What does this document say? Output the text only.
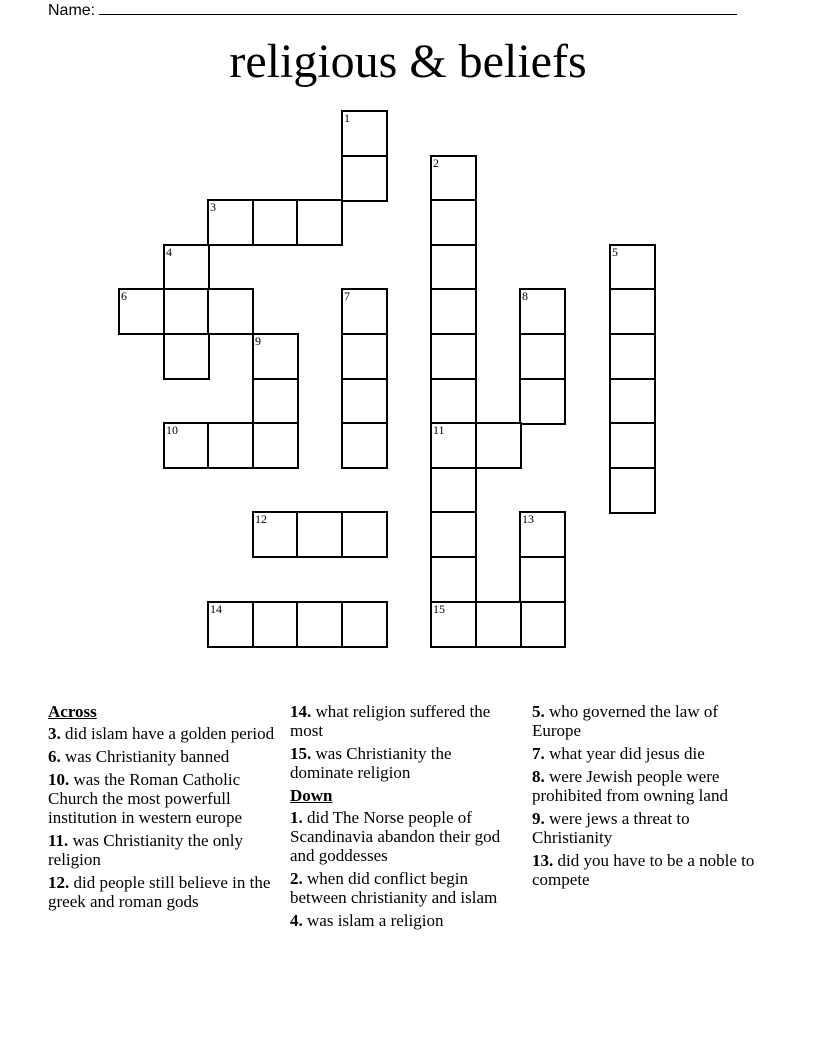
Name:
religious & beliefs
1
3
2
11
15
4
6
5
7	8
9
10
12	13
14
Across
3. did islam have a golden period
6. was Christianity banned
10. was the Roman Catholic Church the most powerfull institution in western europe
11. was Christianity the only religion
12. did people still believe in the greek and roman gods
14. what religion suffered the most
15. was Christianity the dominate religion
Down
1. did The Norse people of Scandinavia abandon their god and goddesses
2. when did conflict begin between christianity and islam
4. was islam a religion
5. who governed the law of Europe
7. what year did jesus die
8. were Jewish people were prohibited from owning land
9. were jews a threat to Christianity
13. did you have to be a noble to compete
